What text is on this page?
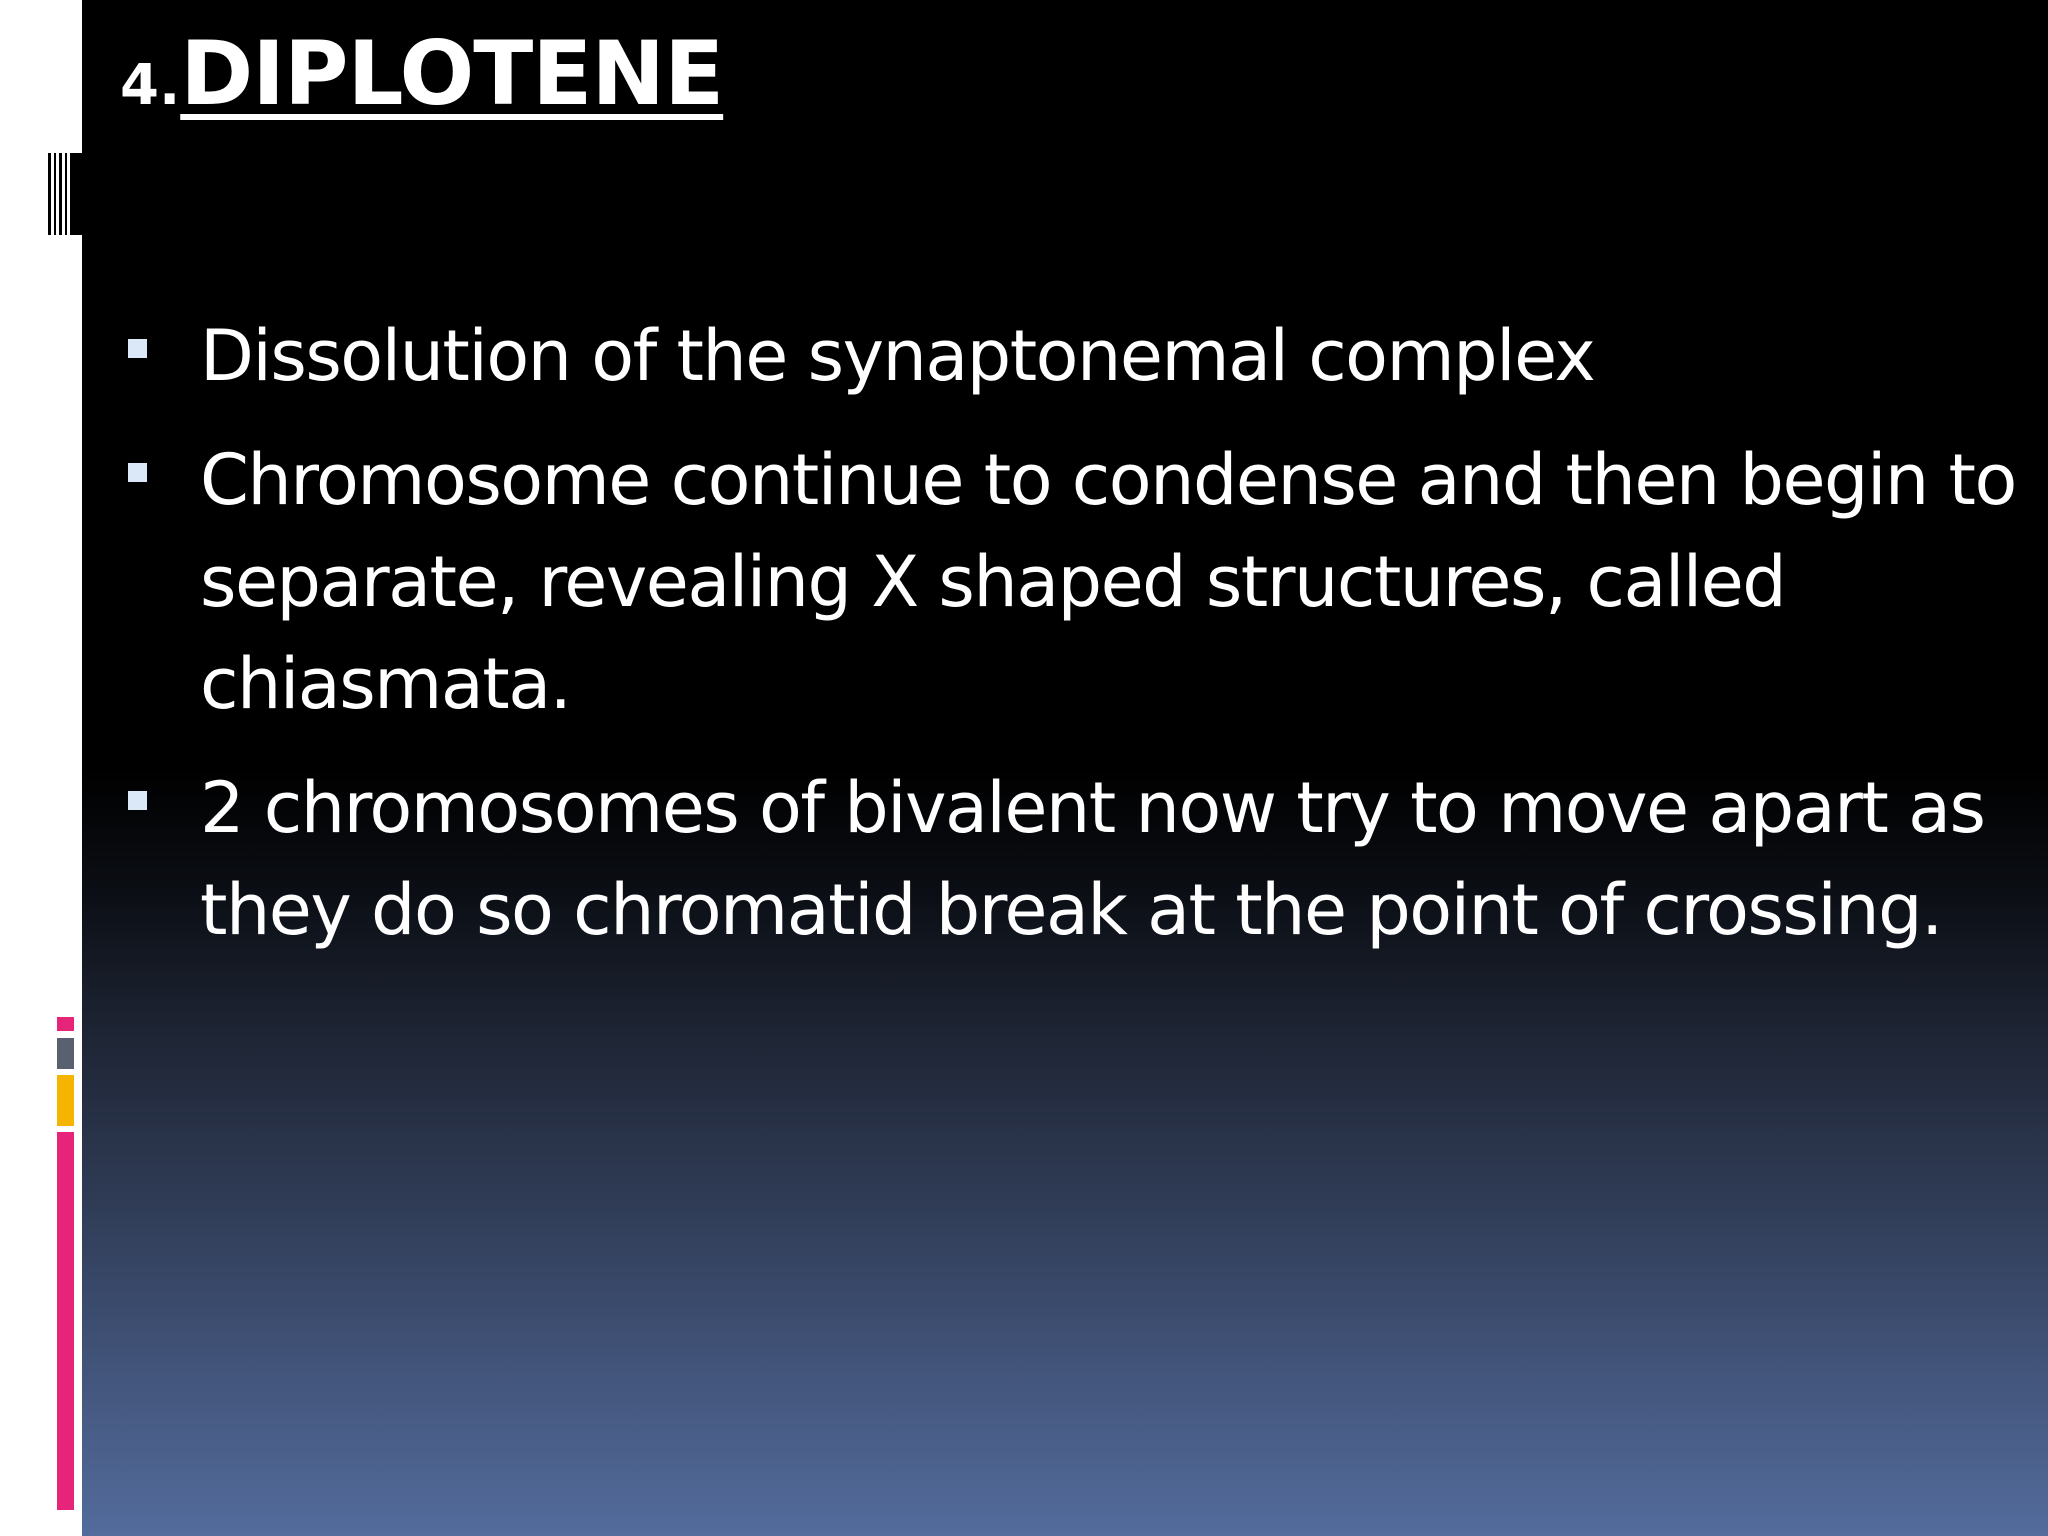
4.DIPLOTENE
Dissolution of the synaptonemal complex
Chromosome continue to condense and then begin to separate, revealing X shaped structures, called chiasmata.
2 chromosomes of bivalent now try to move apart as they do so chromatid break at the point of crossing.
